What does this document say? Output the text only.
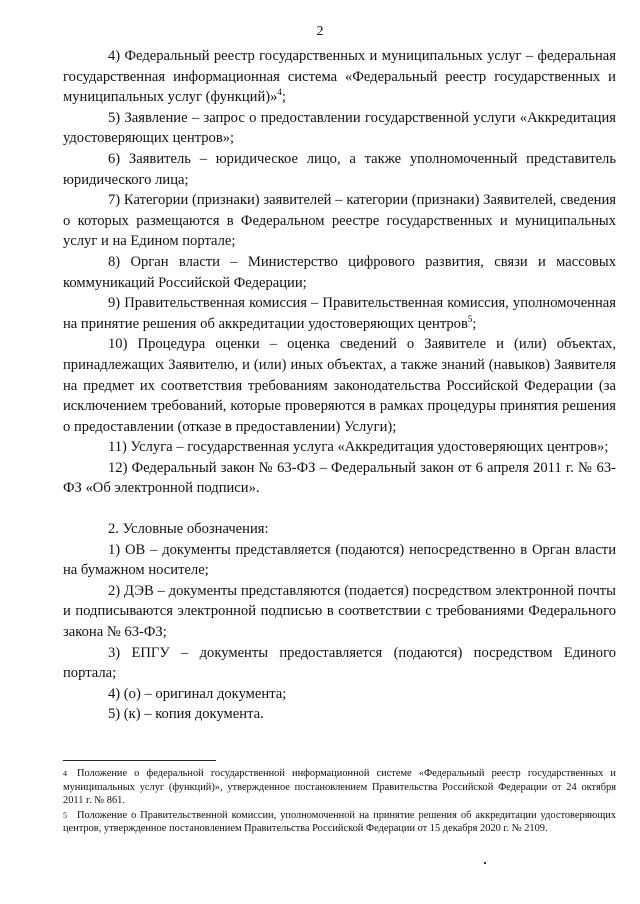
2

4) Федеральный реестр государственных и муниципальных услуг – федеральная государственная информационная система «Федеральный реестр государственных и муниципальных услуг (функций)»$^4$;

5) Заявление – запрос о предоставлении государственной услуги «Аккредитация удостоверяющих центров»;

6) Заявитель – юридическое лицо, а также уполномоченный представитель юридического лица;

7) Категории (признаки) заявителей – категории (признаки) Заявителей, сведения о которых размещаются в Федеральном реестре государственных и муниципальных услуг и на Едином портале;

8) Орган власти – Министерство цифрового развития, связи и массовых коммуникаций Российской Федерации;

9) Правительственная комиссия – Правительственная комиссия, уполномоченная на принятие решения об аккредитации удостоверяющих центров$^5$;

10) Процедура оценки – оценка сведений о Заявителе и (или) объектах, принадлежащих Заявителю, и (или) иных объектах, а также знаний (навыков) Заявителя на предмет их соответствия требованиям законодательства Российской Федерации (за исключением требований, которые проверяются в рамках процедуры принятия решения о предоставлении (отказе в предоставлении) Услуги);

11) Услуга – государственная услуга «Аккредитация удостоверяющих центров»;

12) Федеральный закон № 63-ФЗ – Федеральный закон от 6 апреля 2011 г. № 63-ФЗ «Об электронной подписи».

2. Условные обозначения:

1) ОВ – документы представляется (подаются) непосредственно в Орган власти на бумажном носителе;

2) ДЭВ – документы представляются (подается) посредством электронной почты и подписываются электронной подписью в соответствии с требованиями Федерального закона № 63-ФЗ;

3) ЕПГУ – документы предоставляется (подаются) посредством Единого портала;

4) (о) – оригинал документа;

5) (к) – копия документа.

4 Положение о федеральной государственной информационной системе «Федеральный реестр государственных и муниципальных услуг (функций)», утвержденное постановлением Правительства Российской Федерации от 24 октября 2011 г. № 861.

5 Положение о Правительственной комиссии, уполномоченной на принятие решения об аккредитации удостоверяющих центров, утвержденное постановлением Правительства Российской Федерации от 15 декабря 2020 г. № 2109.
